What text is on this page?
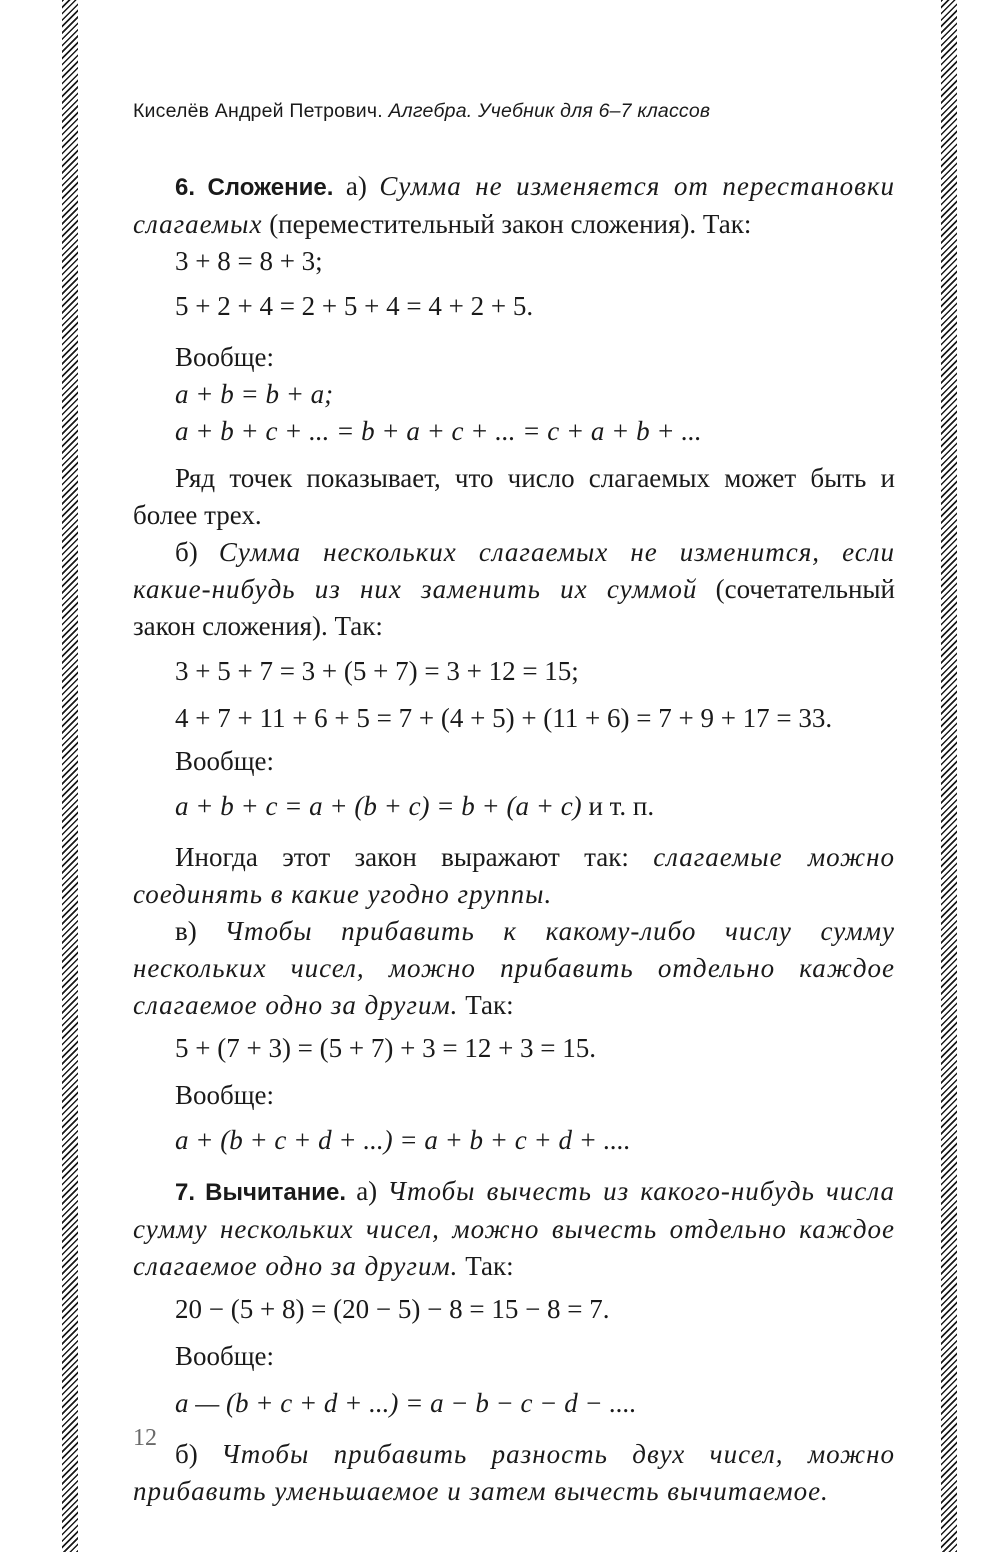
Киселёв Андрей Петрович. Алгебра. Учебник для 6–7 классов

6. Сложение. а) Сумма не изменяется от перестановки слагаемых (переместительный закон сложения). Так:

3 + 8 = 8 + 3;

5 + 2 + 4 = 2 + 5 + 4 = 4 + 2 + 5.

Вообще:

a + b = b + a;

a + b + c + ... = b + a + c + ... = c + a + b + ...

Ряд точек показывает, что число слагаемых может быть и более трех.

б) Сумма нескольких слагаемых не изменится, если какие-нибудь из них заменить их суммой (сочетательный закон сложения). Так:

3 + 5 + 7 = 3 + (5 + 7) = 3 + 12 = 15;

4 + 7 + 11 + 6 + 5 = 7 + (4 + 5) + (11 + 6) = 7 + 9 + 17 = 33.

Вообще:

a + b + c = a + (b + c) = b + (a + c) и т. п.

Иногда этот закон выражают так: слагаемые можно соединять в какие угодно группы.

в) Чтобы прибавить к какому-либо числу сумму нескольких чисел, можно прибавить отдельно каждое слагаемое одно за другим. Так:

5 + (7 + 3) = (5 + 7) + 3 = 12 + 3 = 15.

Вообще:

a + (b + c + d + ...) = a + b + c + d + ....

7. Вычитание. а) Чтобы вычесть из какого-нибудь числа сумму нескольких чисел, можно вычесть отдельно каждое слагаемое одно за другим. Так:

20 − (5 + 8) = (20 − 5) − 8 = 15 − 8 = 7.

Вообще:

a — (b + c + d + ...) = a − b − c − d − ....

б) Чтобы прибавить разность двух чисел, можно прибавить уменьшаемое и затем вычесть вычитаемое.

12
